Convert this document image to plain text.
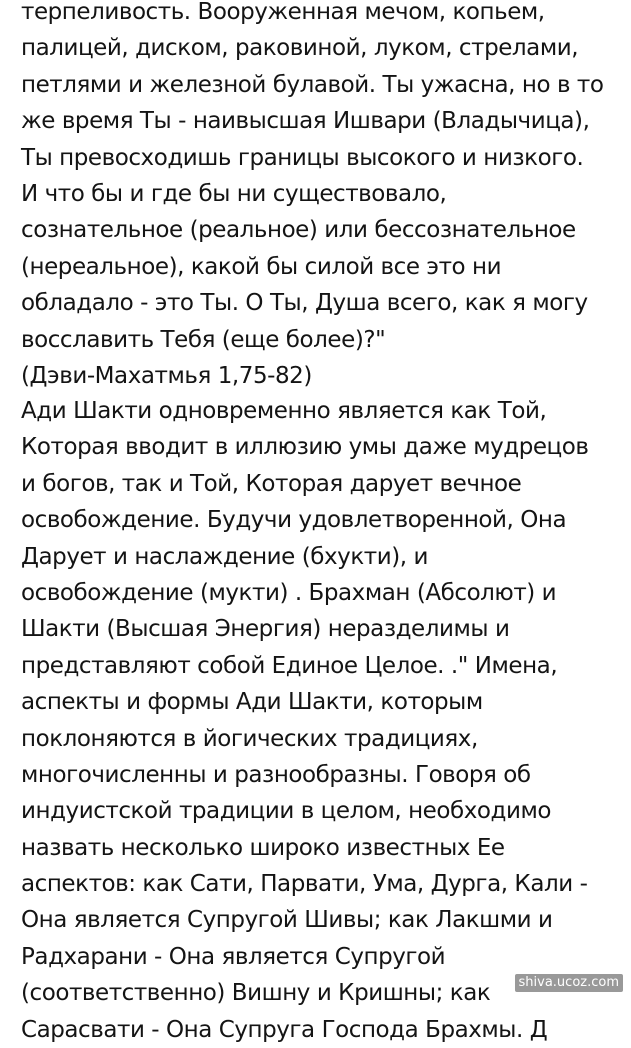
терпеливость. Вооруженная мечом, копьем,
палицей, диском, раковиной, луком, стрелами,
петлями и железной булавой. Ты ужасна, но в то
же время Ты - наивысшая Ишвари (Владычица),
Ты превосходишь границы высокого и низкого.
И что бы и где бы ни существовало,
сознательное (реальное) или бессознательное
(нереальное), какой бы силой все это ни
обладало - это Ты. О Ты, Душа всего, как я могу
восславить Тебя (еще более)?"
(Дэви-Махатмья 1,75-82)
Ади Шакти одновременно является как Той,
Которая вводит в иллюзию умы даже мудрецов
и богов, так и Той, Которая дарует вечное
освобождение. Будучи удовлетворенной, Она
Дарует и наслаждение (бхукти), и
освобождение (мукти) . Брахман (Абсолют) и
Шакти (Высшая Энергия) неразделимы и
представляют собой Единое Целое. ." Имена,
аспекты и формы Ади Шакти, которым
поклоняются в йогических традициях,
многочисленны и разнообразны. Говоря об
индуистской традиции в целом, необходимо
назвать несколько широко известных Ее
аспектов: как Сати, Парвати, Ума, Дурга, Кали -
Она является Супругой Шивы; как Лакшми и
Радхарани - Она является Супругой
(соответственно) Вишну и Кришны; как
Сарасвати - Она Супруга Господа Брахмы. Д
shiva.ucoz.com
